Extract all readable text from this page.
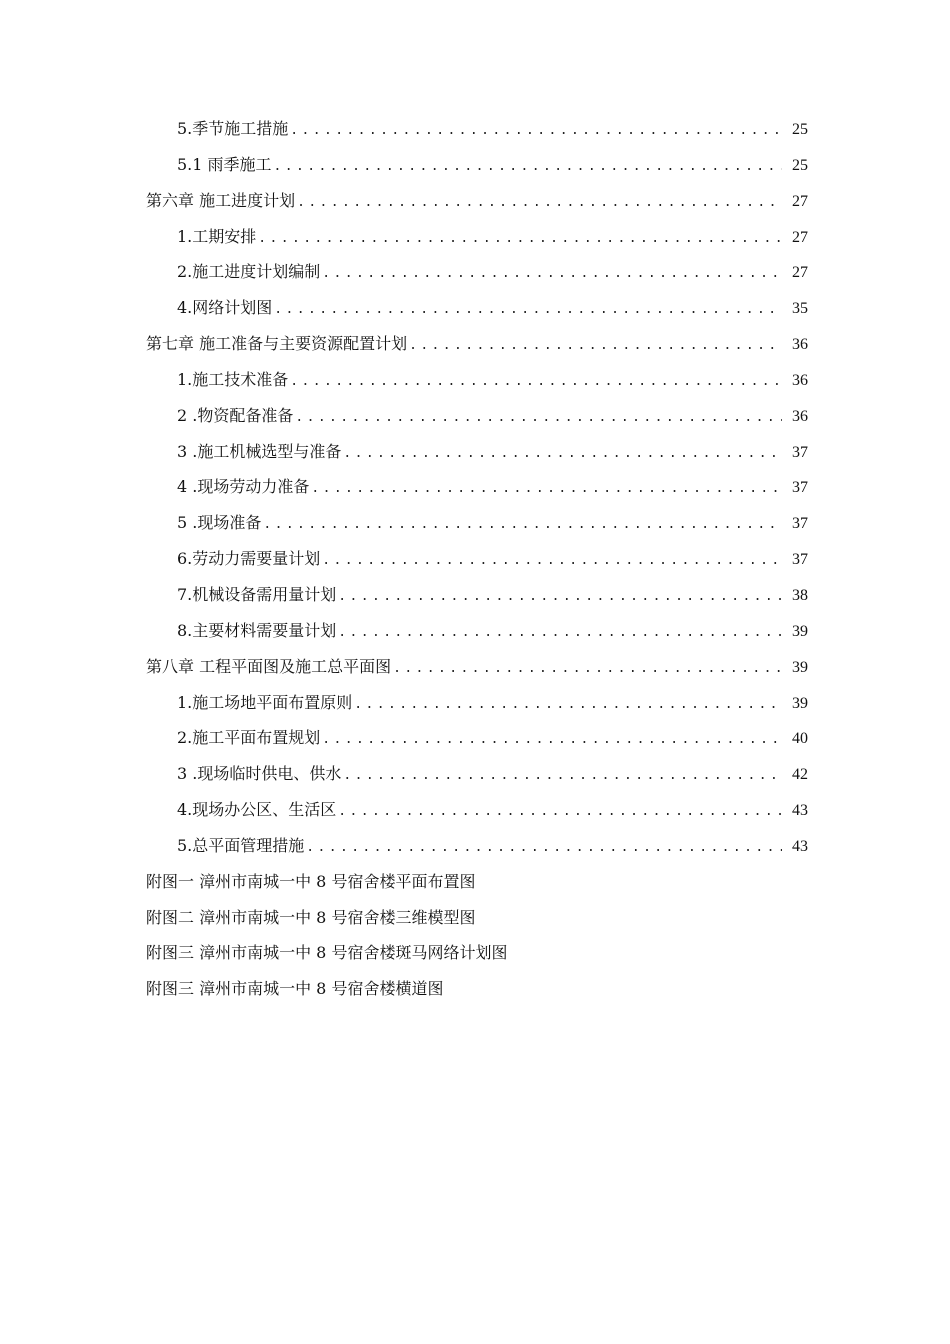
5.季节施工措施 .....	25
5.1 雨季施工 .....	25
第六章 施工进度计划 .....	27
1.工期安排 .....	27
2.施工进度计划编制 .....	27
4.网络计划图 .....	35
第七章 施工准备与主要资源配置计划 .....	36
1.施工技术准备 .....	36
2 .物资配备准备 .....	36
3 .施工机械选型与准备 .....	37
4 .现场劳动力准备 .....	37
5 .现场准备 .....	37
6.劳动力需要量计划 .....	37
7.机械设备需用量计划 .....	38
8.主要材料需要量计划 .....	39
第八章 工程平面图及施工总平面图 .....	39
1.施工场地平面布置原则 .....	39
2.施工平面布置规划 .....	40
3 .现场临时供电、供水 .....	42
4.现场办公区、生活区 .....	43
5.总平面管理措施 .....	43
附图一 漳州市南城一中 8 号宿舍楼平面布置图
附图二 漳州市南城一中 8 号宿舍楼三维模型图
附图三 漳州市南城一中 8 号宿舍楼斑马网络计划图
附图三 漳州市南城一中 8 号宿舍楼横道图
